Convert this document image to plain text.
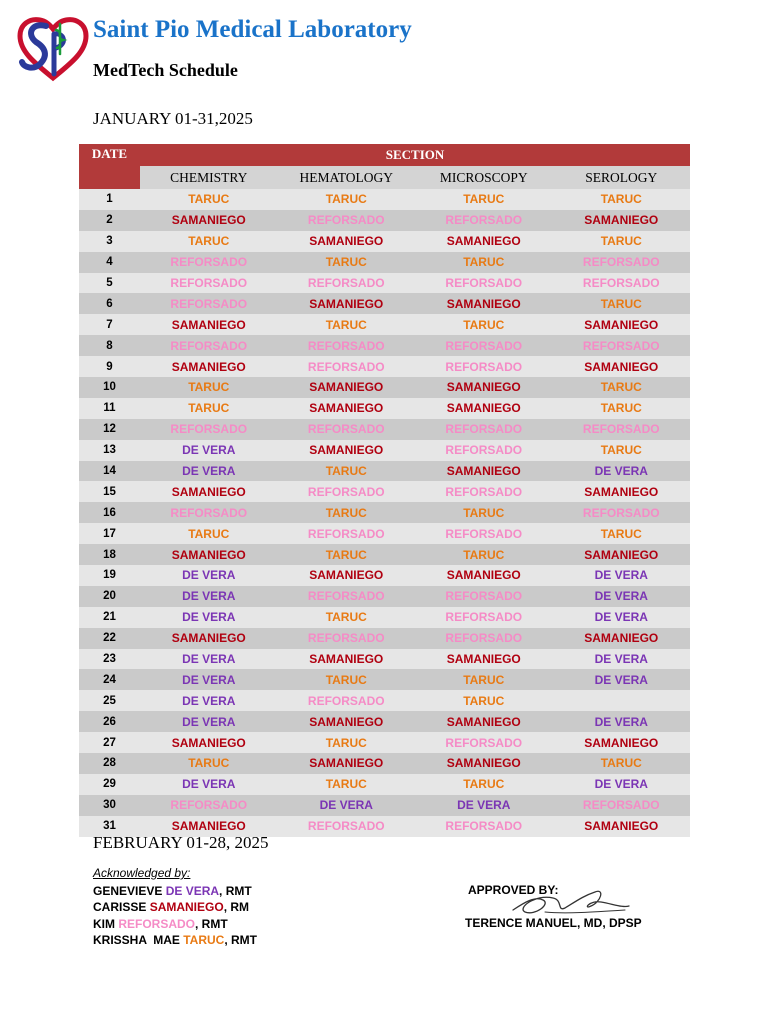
Saint Pio Medical Laboratory
MedTech Schedule
JANUARY 01-31,2025
DATE	SECTION			
	CHEMISTRY	HEMATOLOGY	MICROSCOPY	SEROLOGY
1	TARUC	TARUC	TARUC	TARUC
2	SAMANIEGO	REFORSADO	REFORSADO	SAMANIEGO
3	TARUC	SAMANIEGO	SAMANIEGO	TARUC
4	REFORSADO	TARUC	TARUC	REFORSADO
5	REFORSADO	REFORSADO	REFORSADO	REFORSADO
6	REFORSADO	SAMANIEGO	SAMANIEGO	TARUC
7	SAMANIEGO	TARUC	TARUC	SAMANIEGO
8	REFORSADO	REFORSADO	REFORSADO	REFORSADO
9	SAMANIEGO	REFORSADO	REFORSADO	SAMANIEGO
10	TARUC	SAMANIEGO	SAMANIEGO	TARUC
11	TARUC	SAMANIEGO	SAMANIEGO	TARUC
12	REFORSADO	REFORSADO	REFORSADO	REFORSADO
13	DE VERA	SAMANIEGO	REFORSADO	TARUC
14	DE VERA	TARUC	SAMANIEGO	DE VERA
15	SAMANIEGO	REFORSADO	REFORSADO	SAMANIEGO
16	REFORSADO	TARUC	TARUC	REFORSADO
17	TARUC	REFORSADO	REFORSADO	TARUC
18	SAMANIEGO	TARUC	TARUC	SAMANIEGO
19	DE VERA	SAMANIEGO	SAMANIEGO	DE VERA
20	DE VERA	REFORSADO	REFORSADO	DE VERA
21	DE VERA	TARUC	REFORSADO	DE VERA
22	SAMANIEGO	REFORSADO	REFORSADO	SAMANIEGO
23	DE VERA	SAMANIEGO	SAMANIEGO	DE VERA
24	DE VERA	TARUC	TARUC	DE VERA
25	DE VERA	REFORSADO	TARUC	
26	DE VERA	SAMANIEGO	SAMANIEGO	DE VERA
27	SAMANIEGO	TARUC	REFORSADO	SAMANIEGO
28	TARUC	SAMANIEGO	SAMANIEGO	TARUC
29	DE VERA	TARUC	TARUC	DE VERA
30	REFORSADO	DE VERA	DE VERA	REFORSADO
31	SAMANIEGO	REFORSADO	REFORSADO	SAMANIEGO
FEBRUARY 01-28, 2025
Acknowledged by:
GENEVIEVE DE VERA, RMT
CARISSE SAMANIEGO, RM
KIM REFORSADO, RMT
KRISSHA  MAE TARUC, RMT
APPROVED BY:
TERENCE MANUEL, MD, DPSP
